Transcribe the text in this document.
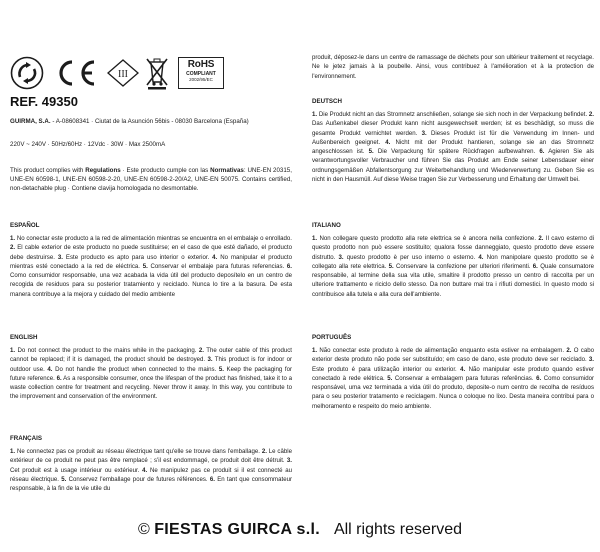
III
RoHS
COMPLIANT
2002/95/EC
REF. 49350
GUIRMA, S.A. - A-08608341 · Ciutat de la Asunción 56bis - 08030 Barcelona (España)
220V ~ 240V · 50Hz/60Hz · 12Vdc · 30W · Max 2500mA
This product complies with Regulations · Este producto cumple con las Normativas: UNE-EN 20315, UNE-EN 60598-1, UNE-EN 60598-2-20, UNE-EN 60598-2-20/A2, UNE-EN 50075. Contains certified, non-detachable plug · Contiene clavija homologada no desmontable.
ESPAÑOL

1. No conectar este producto a la red de alimentación mientras se encuentra en el embalaje o enrollado. 2. El cable exterior de este producto no puede sustituirse; en el caso de que esté dañado, el producto debe destruirse. 3. Este producto es apto para uso interior o exterior. 4. No manipular el producto mientras esté conectado a la red de eléctrica. 5. Conservar el embalaje para futuras referencias. 6. Como consumidor responsable, una vez acabada la vida útil del producto deposítelo en un centro de recogida de residuos para su posterior tratamiento y reciclado. Nunca lo tire a la basura. De esta manera contribuye a la mejora y cuidado del medio ambiente

ENGLISH

1. Do not connect the product to the mains while in the packaging. 2. The outer cable of this product cannot be replaced; if it is damaged, the product should be destroyed. 3. This product is for indoor or outdoor use. 4. Do not handle the product when connected to the mains. 5. Keep the packaging for future reference. 6. As a responsible consumer, once the lifespan of the product has finished, take it to a waste collection centre for treatment and recycling. Never throw it away. In this way, you contribute to the improvement and conservation of the environment.

FRANÇAIS

1. Ne connectez pas ce produit au réseau électrique tant qu'elle se trouve dans l'emballage. 2. Le câble extérieur de ce produit ne peut pas être remplacé ; s'il est endommagé, ce produit doit être détruit. 3. Cet produit est à usage intérieur ou extérieur. 4. Ne manipulez pas ce produit si il est connecté au réseau électrique. 5. Conservez l'emballage pour de futures références. 6. En tant que consommateur responsable, à la fin de la vie utile du

produit, déposez-le dans un centre de ramassage de déchets pour son ultérieur traitement et recyclage. Ne le jetez jamais à la poubelle. Ainsi, vous contribuez à l'amélioration et à la protection de l'environnement.

DEUTSCH

1. Die Produkt nicht an das Stromnetz anschließen, solange sie sich noch in der Verpackung befindet. 2. Das Außenkabel dieser Produkt kann nicht ausgewechselt werden; ist es beschädigt, so muss die gesamte Produkt vernichtet werden. 3. Dieses Produkt ist für die Verwendung im Innen- und Außenbereich geeignet. 4. Nicht mit der Produkt hantieren, solange sie an das Stromnetz angeschlossen ist. 5. Die Verpackung für spätere Rückfragen aufbewahren. 6. Agieren Sie als verantwortungsvoller Verbraucher und führen Sie das Produkt am Ende seiner Lebensdauer einer ordnungsgemäßen Abfallentsorgung zur Weiterbehandlung und Wiederverwertung zu. Geben Sie es nicht in den Hausmüll. Auf diese Weise tragen Sie zur Verbesserung und Erhaltung der Umwelt bei.

ITALIANO

1. Non collegare questo prodotto alla rete elettrica se è ancora nella confezione. 2. Il cavo esterno di questo prodotto non può essere sostituito; qualora fosse danneggiato, questo prodotto deve essere distrutto. 3. questo prodotto è per uso interno o esterno. 4. Non manipolare questo prodotto se è collegato alla rete elettrica. 5. Conservare la confezione per ulteriori riferimenti. 6. Quale consumatore responsabile, al termine della sua vita utile, smaltire il prodotto presso un centro di raccolta per un ulteriore trattamento e riciclo dello stesso. Da non buttare mai tra i rifiuti domestici. In questo modo si contribuisce alla tutela e alla cura dell'ambiente.

PORTUGUÊS

1. Não conectar este produto à rede de alimentação enquanto esta estiver na embalagem. 2. O cabo exterior deste produto não pode ser substituído; em caso de dano, este produto deve ser reciclado. 3. Este produto é para utilização interior ou exterior. 4. Não manipular este produto quando estiver conectado à rede elétrica. 5. Conservar a embalagem para futuras referências. 6. Como consumidor responsável, uma vez terminada a vida útil do produto, deposite-o num centro de recolha de resíduos para o seu posterior tratamento e reciclagem. Nunca o coloque no lixo. Desta maneira contribui para o melhoramento e respeito do meio ambiente.

© FIESTAS GUIRCA s.l. All rights reserved
